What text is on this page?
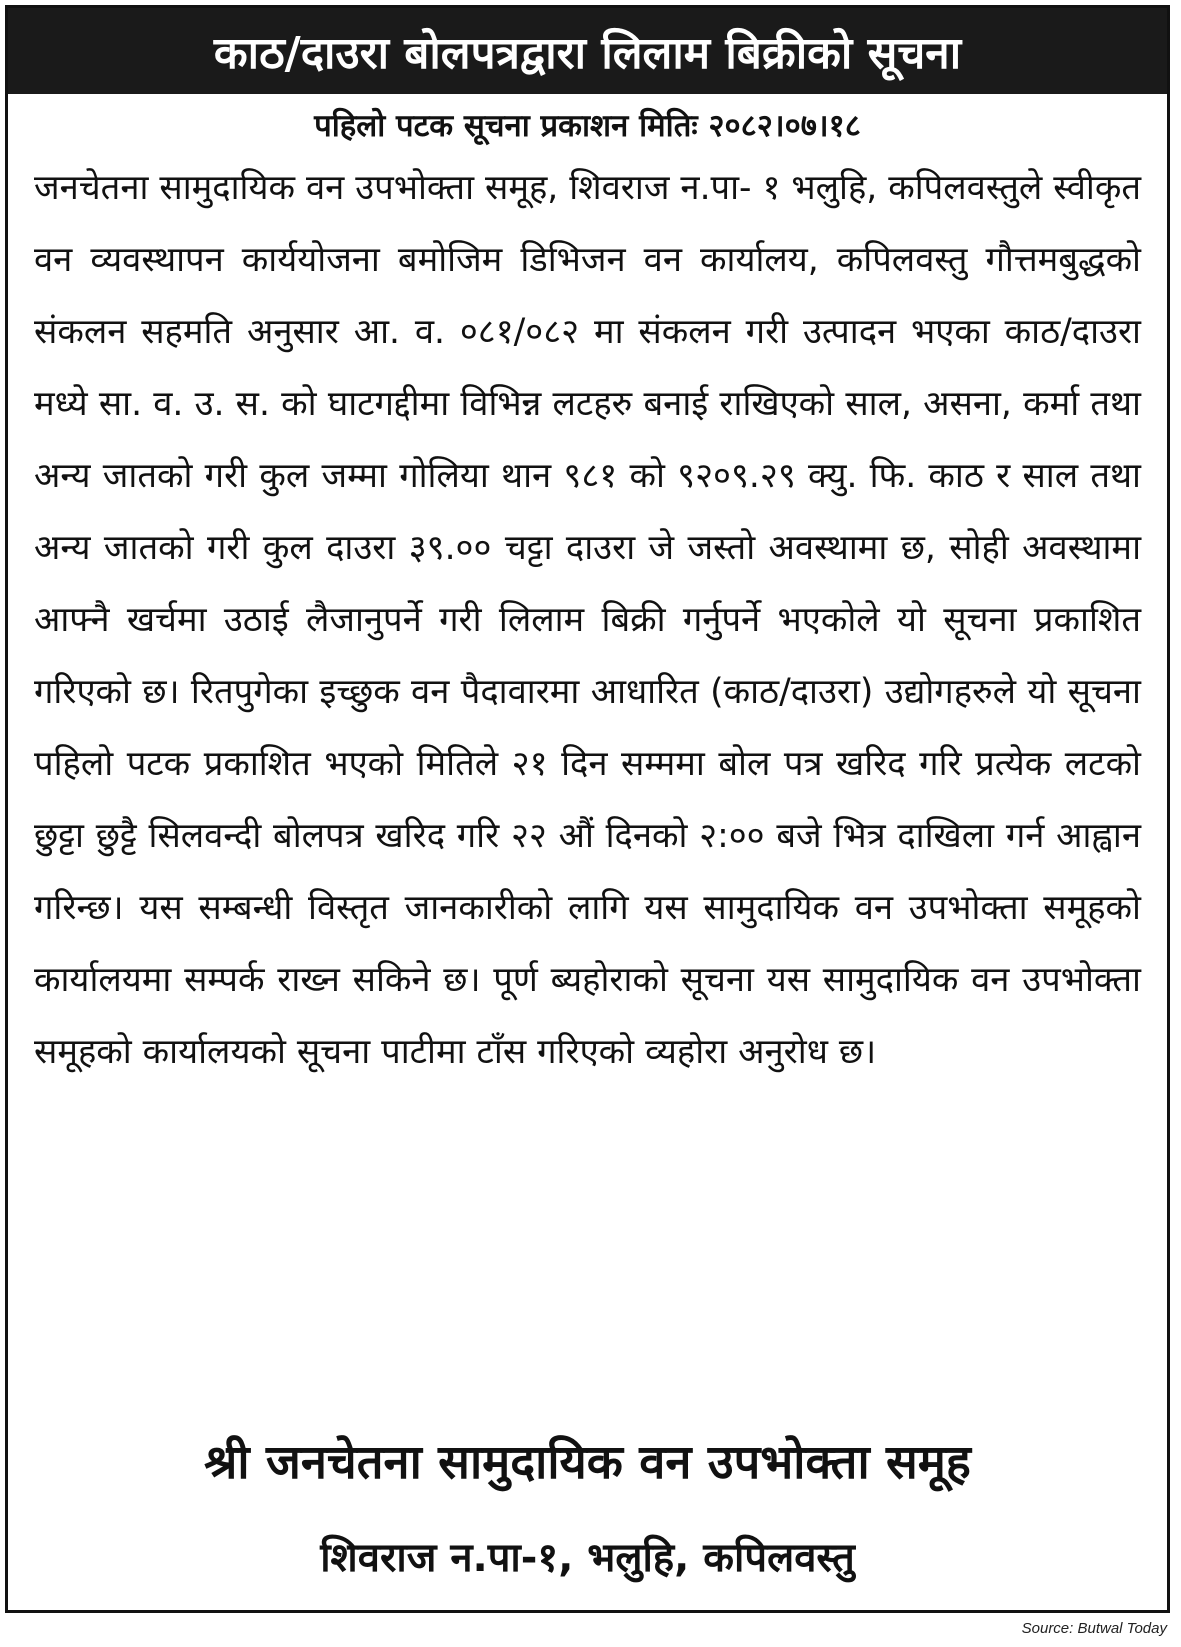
काठ/दाउरा बोलपत्रद्वारा लिलाम बिक्रीको सूचना
पहिलो पटक सूचना प्रकाशन मितिः २०८२।०७।१८
जनचेतना सामुदायिक वन उपभोक्ता समूह, शिवराज न.पा- १ भलुहि, कपिलवस्तुले स्वीकृत वन व्यवस्थापन कार्ययोजना बमोजिम डिभिजन वन कार्यालय, कपिलवस्तु गौत्तमबुद्धको संकलन सहमति अनुसार आ. व. ०८१/०८२ मा संकलन गरी उत्पादन भएका काठ/दाउरा मध्ये सा. व. उ. स. को घाटगद्दीमा विभिन्न लटहरु बनाई राखिएको साल, असना, कर्मा तथा अन्य जातको गरी कुल जम्मा गोलिया थान ९८१ को ९२०९.२९ क्यु. फि. काठ र साल तथा अन्य जातको गरी कुल दाउरा ३९.०० चट्टा दाउरा जे जस्तो अवस्थामा छ, सोही अवस्थामा आफ्नै खर्चमा उठाई लैजानुपर्ने गरी लिलाम बिक्री गर्नुपर्ने भएकोले यो सूचना प्रकाशित गरिएको छ। रितपुगेका इच्छुक वन पैदावारमा आधारित (काठ/दाउरा) उद्योगहरुले यो सूचना पहिलो पटक प्रकाशित भएको मितिले २१ दिन सम्ममा बोल पत्र खरिद गरि प्रत्येक लटको छुट्टा छुट्टै सिलवन्दी बोलपत्र खरिद गरि २२ औं दिनको २:०० बजे भित्र दाखिला गर्न आह्वान गरिन्छ। यस सम्बन्धी विस्तृत जानकारीको लागि यस सामुदायिक वन उपभोक्ता समूहको कार्यालयमा सम्पर्क राख्न सकिने छ। पूर्ण ब्यहोराको सूचना यस सामुदायिक वन उपभोक्ता समूहको कार्यालयको सूचना पाटीमा टाँस गरिएको व्यहोरा अनुरोध छ।
श्री जनचेतना सामुदायिक वन उपभोक्ता समूह
शिवराज न.पा-१, भलुहि, कपिलवस्तु
Source: Butwal Today
